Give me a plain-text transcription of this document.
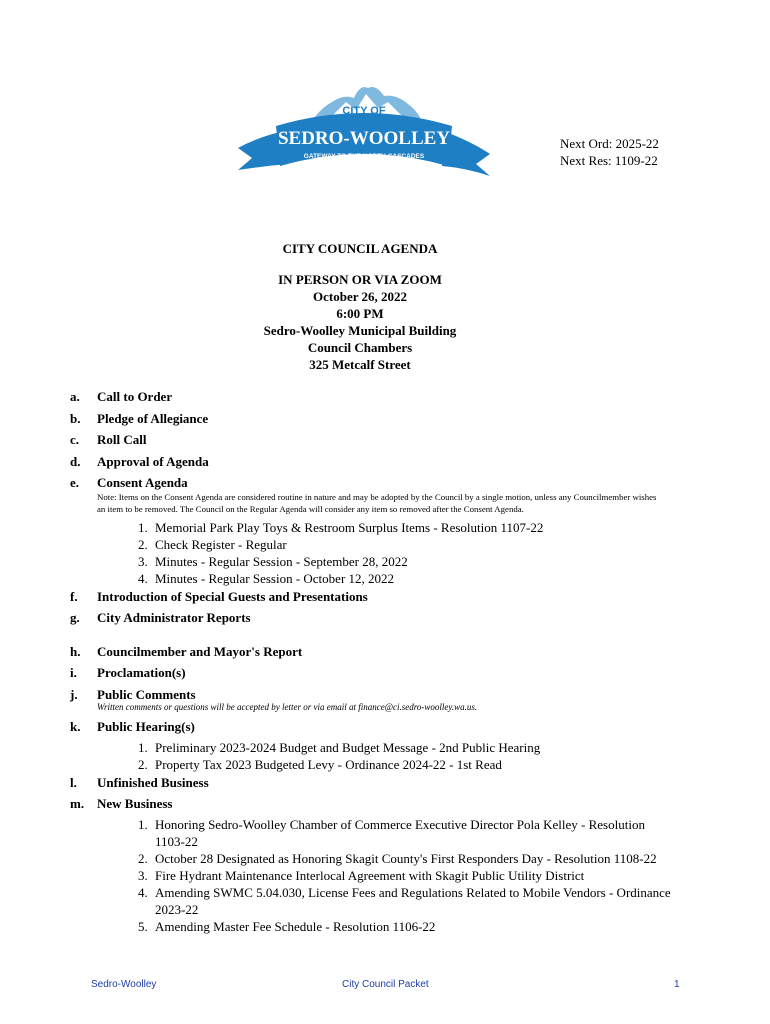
CITY OF
SEDRO-WOOLLEY
GATEWAY TO THE NORTH CASCADES
Next Ord: 2025-22
Next Res: 1109-22
CITY COUNCIL AGENDA
IN PERSON OR VIA ZOOM
October 26, 2022
6:00 PM
Sedro-Woolley Municipal Building
Council Chambers
325 Metcalf Street
a. Call to Order
b. Pledge of Allegiance
c. Roll Call
d. Approval of Agenda
e. Consent Agenda
Note: Items on the Consent Agenda are considered routine in nature and may be adopted by the Council by a single motion, unless any Councilmember wishes an item to be removed. The Council on the Regular Agenda will consider any item so removed after the Consent Agenda.
1. Memorial Park Play Toys & Restroom Surplus Items - Resolution 1107-22
2. Check Register - Regular
3. Minutes - Regular Session - September 28, 2022
4. Minutes - Regular Session - October 12, 2022
f. Introduction of Special Guests and Presentations
g. City Administrator Reports
h. Councilmember and Mayor's Report
i. Proclamation(s)
j. Public Comments
Written comments or questions will be accepted by letter or via email at finance@ci.sedro-woolley.wa.us.
k. Public Hearing(s)
1. Preliminary 2023-2024 Budget and Budget Message - 2nd Public Hearing
2. Property Tax 2023 Budgeted Levy - Ordinance 2024-22 - 1st Read
l. Unfinished Business
m. New Business
1. Honoring Sedro-Woolley Chamber of Commerce Executive Director Pola Kelley - Resolution 1103-22
2. October 28 Designated as Honoring Skagit County's First Responders Day - Resolution 1108-22
3. Fire Hydrant Maintenance Interlocal Agreement with Skagit Public Utility District
4. Amending SWMC 5.04.030, License Fees and Regulations Related to Mobile Vendors - Ordinance 2023-22
5. Amending Master Fee Schedule - Resolution 1106-22
Sedro-Woolley	City Council Packet	1
